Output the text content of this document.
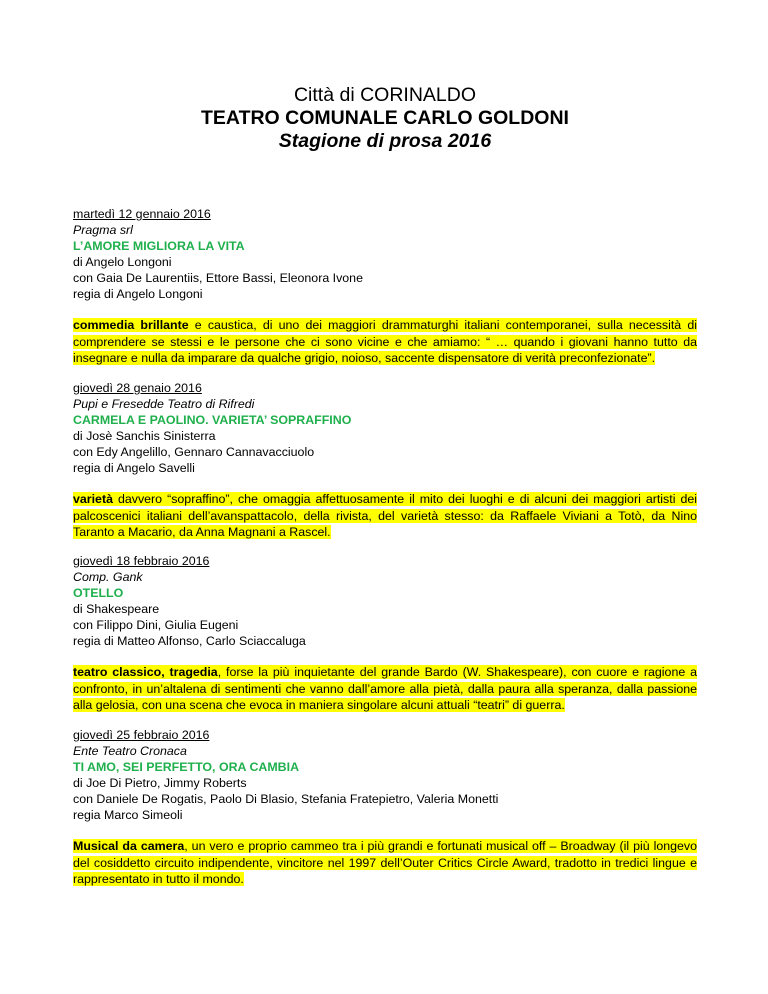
Città di CORINALDO
TEATRO COMUNALE CARLO GOLDONI
Stagione di prosa 2016
martedì 12 gennaio 2016
Pragma srl
L’AMORE MIGLIORA LA VITA
di Angelo Longoni
con Gaia De Laurentiis, Ettore Bassi, Eleonora Ivone
regia di Angelo Longoni
commedia brillante e caustica, di uno dei maggiori drammaturghi italiani contemporanei, sulla necessità di comprendere se stessi e le persone che ci sono vicine e che amiamo: “ … quando i giovani hanno tutto da insegnare e nulla da imparare da qualche grigio, noioso, saccente dispensatore di verità preconfezionate”.
giovedì 28 genaio 2016
Pupi e Fresedde Teatro di Rifredi
CARMELA E PAOLINO. VARIETA’ SOPRAFFINO
di Josè Sanchis Sinisterra
con Edy Angelillo, Gennaro Cannavacciuolo
regia di Angelo Savelli
varietà davvero “sopraffino”, che omaggia affettuosamente il mito dei luoghi e di alcuni dei maggiori artisti dei palcoscenici italiani dell’avanspattacolo, della rivista, del varietà stesso: da Raffaele Viviani a Totò, da Nino Taranto a Macario, da Anna Magnani a Rascel.
giovedì 18 febbraio 2016
Comp. Gank
OTELLO
di Shakespeare
con Filippo Dini, Giulia Eugeni
regia di Matteo Alfonso, Carlo Sciaccaluga
teatro classico, tragedia, forse la più inquietante del grande Bardo (W. Shakespeare), con cuore e ragione a confronto, in un’altalena di sentimenti che vanno dall’amore alla pietà, dalla paura alla speranza, dalla passione alla gelosia, con una scena che evoca in maniera singolare alcuni attuali “teatri” di guerra.
giovedì 25 febbraio 2016
Ente Teatro Cronaca
TI AMO, SEI PERFETTO, ORA CAMBIA
di Joe Di Pietro, Jimmy Roberts
con Daniele De Rogatis, Paolo Di Blasio, Stefania Fratepietro, Valeria Monetti
regia Marco Simeoli
Musical da camera, un vero e proprio cammeo tra i più grandi e fortunati musical off – Broadway (il più longevo del cosiddetto circuito indipendente, vincitore nel 1997 dell’Outer Critics Circle Award, tradotto in tredici lingue e rappresentato in tutto il mondo.
